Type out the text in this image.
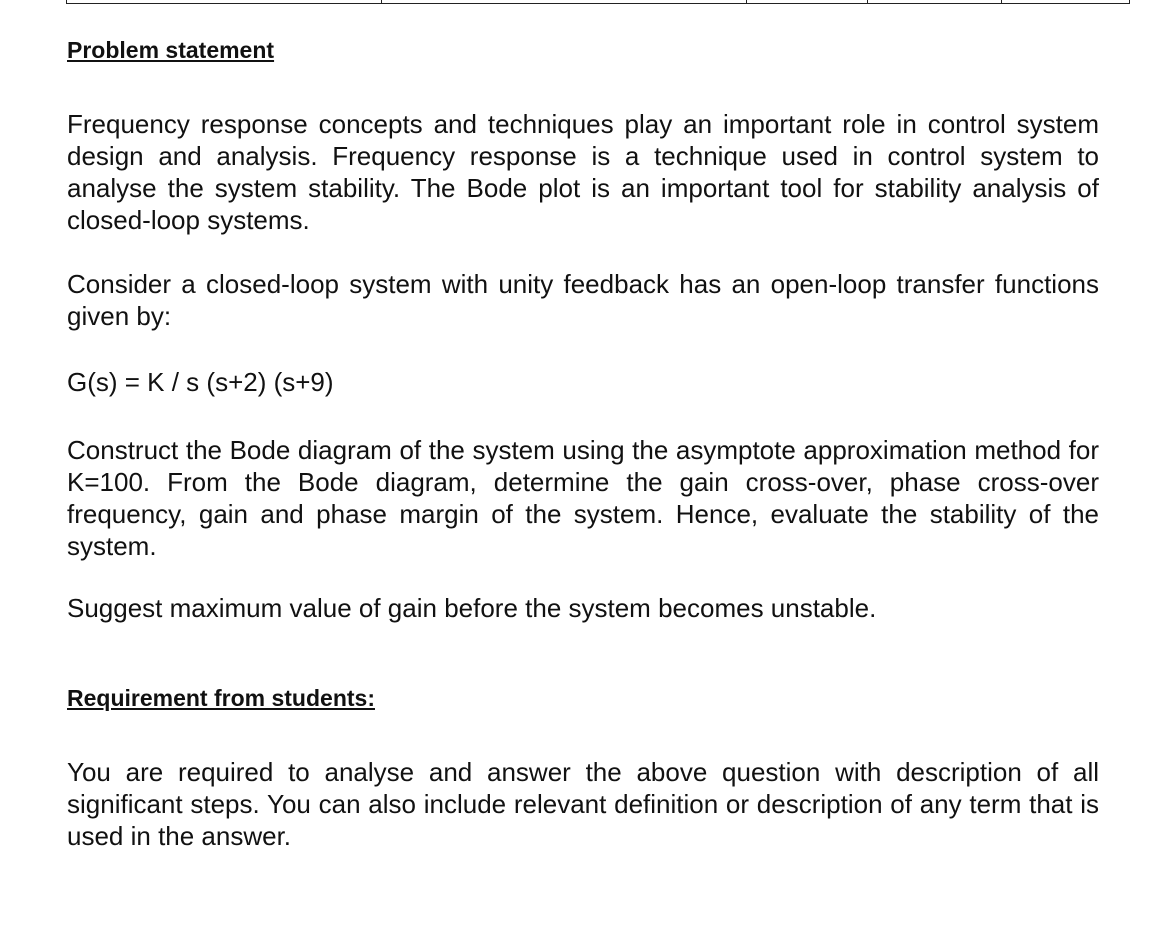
Problem statement

Frequency response concepts and techniques play an important role in control system design and analysis. Frequency response is a technique used in control system to analyse the system stability. The Bode plot is an important tool for stability analysis of closed-loop systems.

Consider a closed-loop system with unity feedback has an open-loop transfer functions given by:

G(s) = K / s (s+2) (s+9)

Construct the Bode diagram of the system using the asymptote approximation method for K=100. From the Bode diagram, determine the gain cross-over, phase cross-over frequency, gain and phase margin of the system. Hence, evaluate the stability of the system.

Suggest maximum value of gain before the system becomes unstable.

Requirement from students:

You are required to analyse and answer the above question with description of all significant steps. You can also include relevant definition or description of any term that is used in the answer.
